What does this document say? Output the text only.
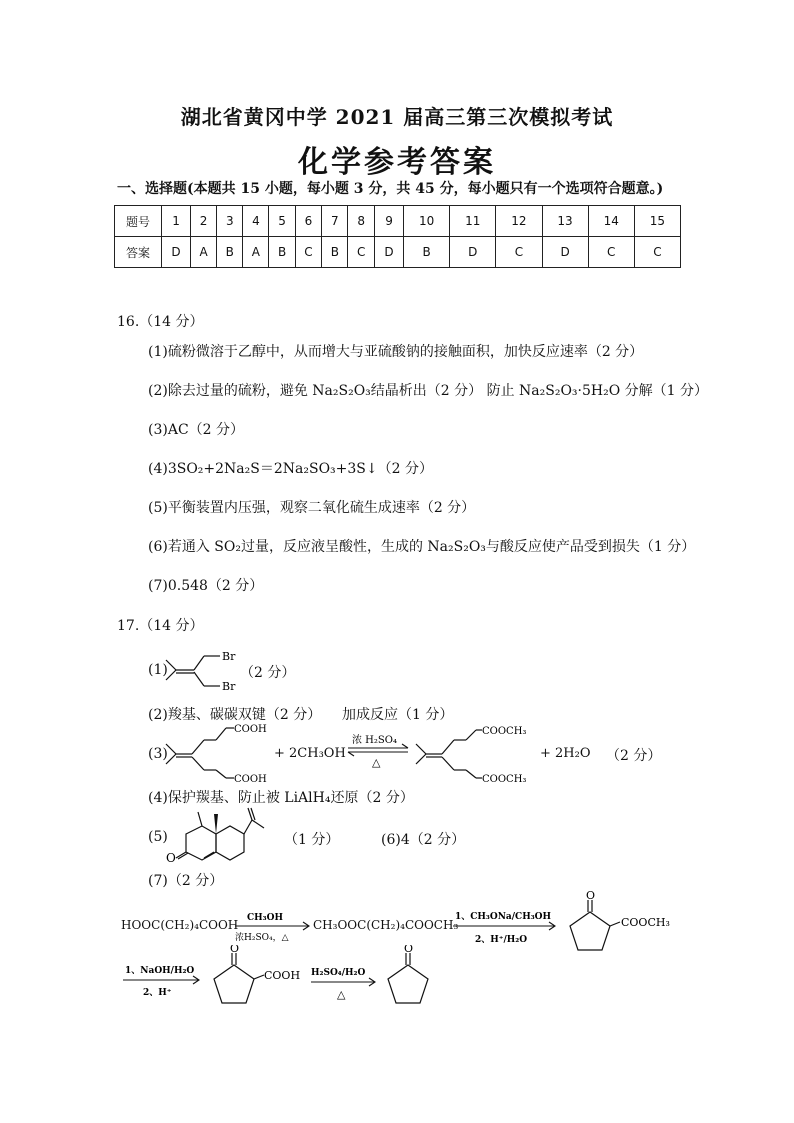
湖北省黄冈中学 2021 届高三第三次模拟考试
化学参考答案
一、选择题(本题共 15 小题，每小题 3 分，共 45 分，每小题只有一个选项符合题意。)
题号	1	2	3	4	5	6	7	8	9	10	11	12	13	14	15
答案	D	A	B	A	B	C	B	C	D	B	D	C	D	C	C
16.（14 分）
(1)硫粉微溶于乙醇中，从而增大与亚硫酸钠的接触面积，加快反应速率（2 分）
(2)除去过量的硫粉，避免 Na₂S₂O₃结晶析出（2 分） 防止 Na₂S₂O₃·5H₂O 分解（1 分）
(3)AC（2 分）
(4)3SO₂+2Na₂S＝2Na₂SO₃+3S↓（2 分）
(5)平衡装置内压强，观察二氧化硫生成速率（2 分）
(6)若通入 SO₂过量，反应液呈酸性，生成的 Na₂S₂O₃与酸反应使产品受到损失（1 分）
(7)0.548（2 分）
17.（14 分）
(1)
Br
Br
（2 分）
(2)羧基、碳碳双键（2 分） 加成反应（1 分）
(3)
COOH
COOH
+ 2CH₃OH
浓 H₂SO₄
△
COOCH₃
COOCH₃
+ 2H₂O （2 分）
(4)保护羰基、防止被 LiAlH₄还原（2 分）
(5)
O
（1 分）	(6)4（2 分）
(7)（2 分）
HOOC(CH₂)₄COOH CH₃OH
浓H₂SO₄，△
CH₃OOC(CH₂)₄COOCH₃
1、CH₃ONa/CH₃OH
2、H⁺/H₂O
O
COOCH₃
1、NaOH/H₂O
2、H⁺
O
COOH H₂SO₄/H₂O
△
O
